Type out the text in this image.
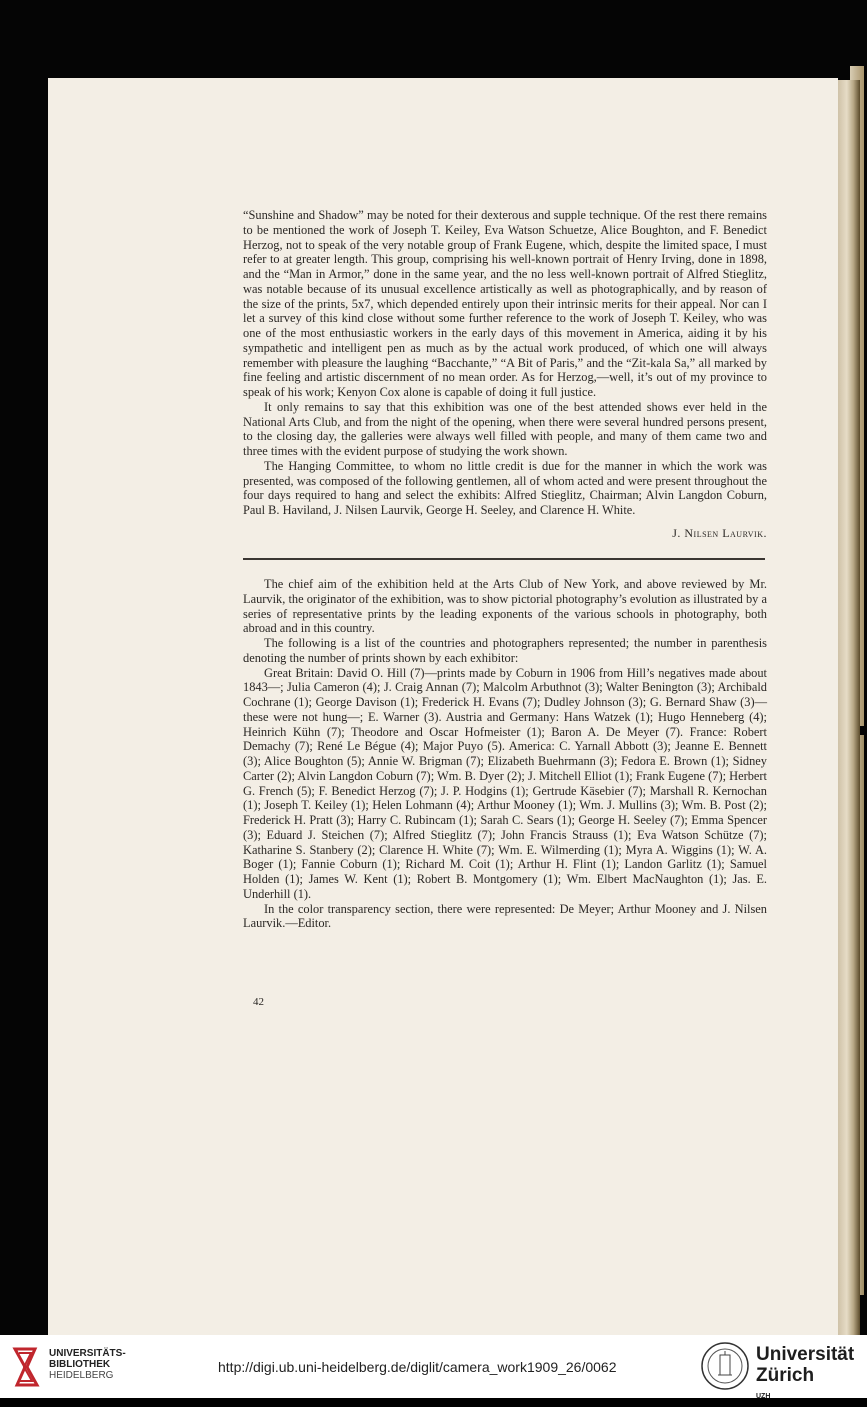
“Sunshine and Shadow” may be noted for their dexterous and supple technique. Of the rest there remains to be mentioned the work of Joseph T. Keiley, Eva Watson Schuetze, Alice Boughton, and F. Benedict Herzog, not to speak of the very notable group of Frank Eugene, which, despite the limited space, I must refer to at greater length. This group, comprising his well-known portrait of Henry Irving, done in 1898, and the “Man in Armor,” done in the same year, and the no less well-known portrait of Alfred Stieglitz, was notable because of its unusual excellence artistically as well as photographically, and by reason of the size of the prints, 5x7, which depended entirely upon their intrinsic merits for their appeal. Nor can I let a survey of this kind close without some further reference to the work of Joseph T. Keiley, who was one of the most enthusiastic workers in the early days of this movement in America, aiding it by his sympathetic and intelligent pen as much as by the actual work produced, of which one will always remember with pleasure the laughing “Bacchante,” “A Bit of Paris,” and the “Zit-kala Sa,” all marked by fine feeling and artistic discernment of no mean order. As for Herzog,—well, it’s out of my province to speak of his work; Kenyon Cox alone is capable of doing it full justice.

It only remains to say that this exhibition was one of the best attended shows ever held in the National Arts Club, and from the night of the opening, when there were several hundred persons present, to the closing day, the galleries were always well filled with people, and many of them came two and three times with the evident purpose of studying the work shown.

The Hanging Committee, to whom no little credit is due for the manner in which the work was presented, was composed of the following gentlemen, all of whom acted and were present throughout the four days required to hang and select the exhibits: Alfred Stieglitz, Chairman; Alvin Langdon Coburn, Paul B. Haviland, J. Nilsen Laurvik, George H. Seeley, and Clarence H. White.

J. Nilsen Laurvik.

The chief aim of the exhibition held at the Arts Club of New York, and above reviewed by Mr. Laurvik, the originator of the exhibition, was to show pictorial photography’s evolution as illustrated by a series of representative prints by the leading exponents of the various schools in photography, both abroad and in this country.

The following is a list of the countries and photographers represented; the number in parenthesis denoting the number of prints shown by each exhibitor:

Great Britain: David O. Hill (7)—prints made by Coburn in 1906 from Hill’s negatives made about 1843—; Julia Cameron (4); J. Craig Annan (7); Malcolm Arbuthnot (3); Walter Benington (3); Archibald Cochrane (1); George Davison (1); Frederick H. Evans (7); Dudley Johnson (3); G. Bernard Shaw (3)—these were not hung—; E. Warner (3). Austria and Germany: Hans Watzek (1); Hugo Henneberg (4); Heinrich Kühn (7); Theodore and Oscar Hofmeister (1); Baron A. De Meyer (7). France: Robert Demachy (7); René Le Bégue (4); Major Puyo (5). America: C. Yarnall Abbott (3); Jeanne E. Bennett (3); Alice Boughton (5); Annie W. Brigman (7); Elizabeth Buehrmann (3); Fedora E. Brown (1); Sidney Carter (2); Alvin Langdon Coburn (7); Wm. B. Dyer (2); J. Mitchell Elliot (1); Frank Eugene (7); Herbert G. French (5); F. Benedict Herzog (7); J. P. Hodgins (1); Gertrude Käsebier (7); Marshall R. Kernochan (1); Joseph T. Keiley (1); Helen Lohmann (4); Arthur Mooney (1); Wm. J. Mullins (3); Wm. B. Post (2); Frederick H. Pratt (3); Harry C. Rubincam (1); Sarah C. Sears (1); George H. Seeley (7); Emma Spencer (3); Eduard J. Steichen (7); Alfred Stieglitz (7); John Francis Strauss (1); Eva Watson Schütze (7); Katharine S. Stanbery (2); Clarence H. White (7); Wm. E. Wilmerding (1); Myra A. Wiggins (1); W. A. Boger (1); Fannie Coburn (1); Richard M. Coit (1); Arthur H. Flint (1); Landon Garlitz (1); Samuel Holden (1); James W. Kent (1); Robert B. Montgomery (1); Wm. Elbert MacNaughton (1); Jas. E. Underhill (1).

In the color transparency section, there were represented: De Meyer; Arthur Mooney and J. Nilsen Laurvik.—Editor.

42
UNIVERSITÄTS-
BIBLIOTHEK
HEIDELBERG
http://digi.ub.uni-heidelberg.de/diglit/camera_work1909_26/0062
Universität
Zürich
UZH
